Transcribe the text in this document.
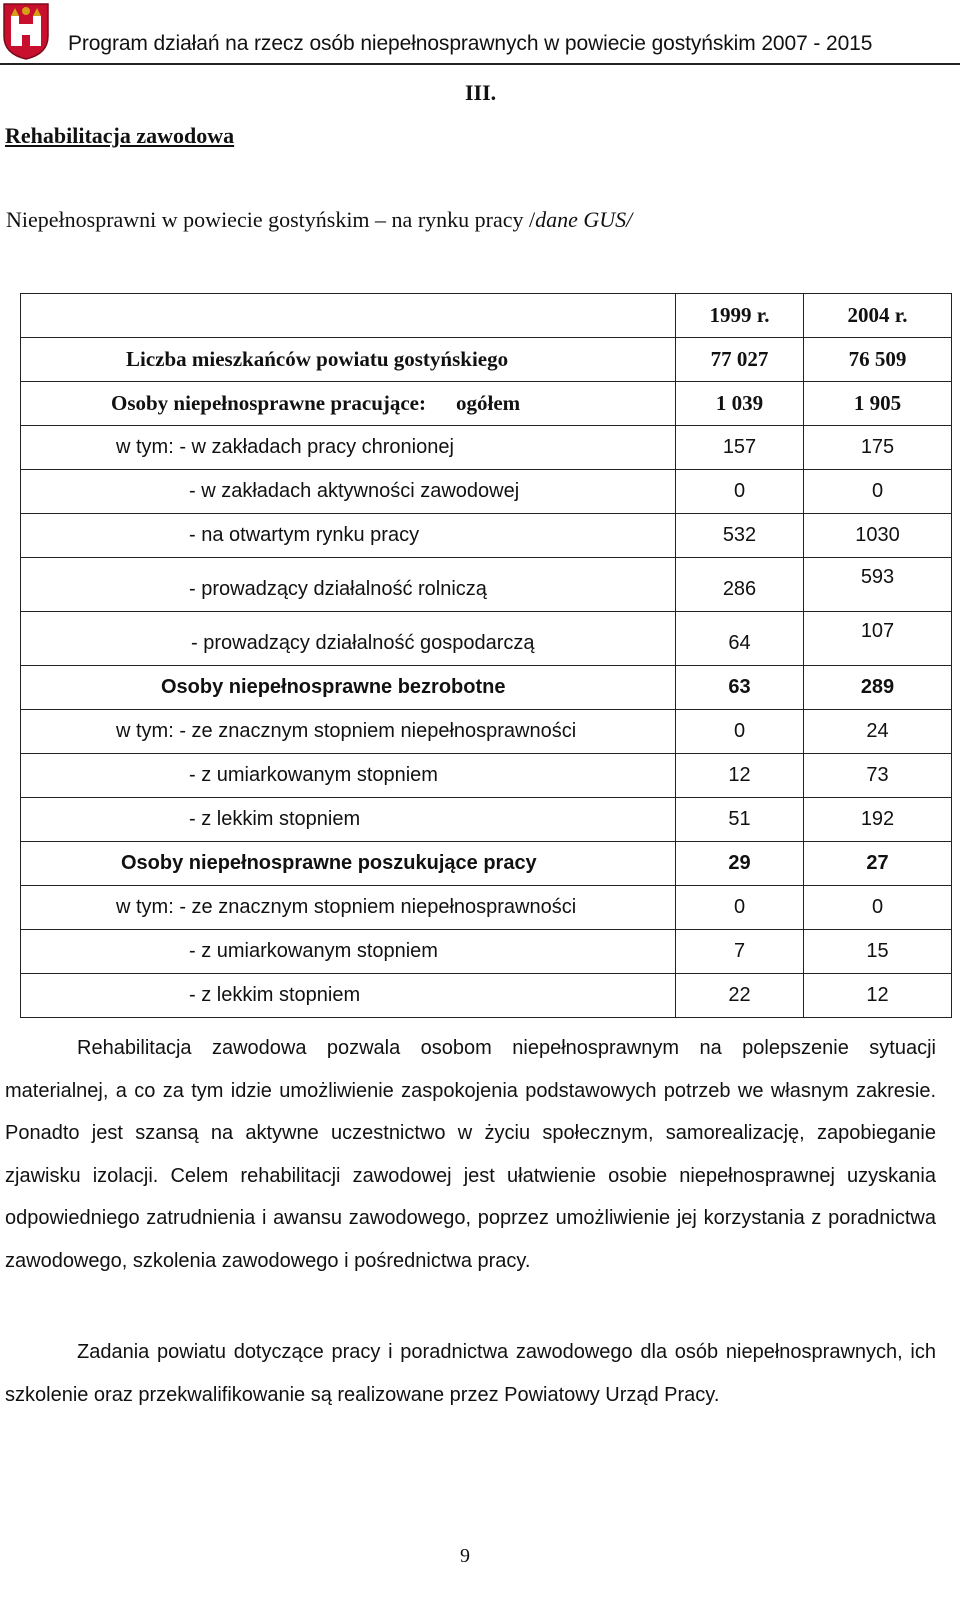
Program działań na rzecz osób niepełnosprawnych w powiecie gostyńskim 2007 - 2015
III.
Rehabilitacja zawodowa
Niepełnosprawni w powiecie gostyńskim – na rynku pracy /dane GUS/
	1999 r.	2004 r.
Liczba mieszkańców powiatu gostyńskiego	77 027	76 509
Osoby niepełnosprawne pracujące: ogółem	1 039	1 905
w tym: - w zakładach pracy chronionej	157	175
- w zakładach aktywności zawodowej	0	0
- na otwartym rynku pracy	532	1030
- prowadzący działalność rolniczą	286	593
- prowadzący działalność gospodarczą	64	107
Osoby niepełnosprawne bezrobotne	63	289
w tym: - ze znacznym stopniem niepełnosprawności	0	24
- z umiarkowanym stopniem	12	73
- z lekkim stopniem	51	192
Osoby niepełnosprawne poszukujące pracy	29	27
w tym: - ze znacznym stopniem niepełnosprawności	0	0
- z umiarkowanym stopniem	7	15
- z lekkim stopniem	22	12

Rehabilitacja zawodowa pozwala osobom niepełnosprawnym na polepszenie sytuacji materialnej, a co za tym idzie umożliwienie zaspokojenia podstawowych potrzeb we własnym zakresie. Ponadto jest szansą na aktywne uczestnictwo w życiu społecznym, samorealizację, zapobieganie zjawisku izolacji. Celem rehabilitacji zawodowej jest ułatwienie osobie niepełnosprawnej uzyskania odpowiedniego zatrudnienia i awansu zawodowego, poprzez umożliwienie jej korzystania z poradnictwa zawodowego, szkolenia zawodowego i pośrednictwa pracy.

Zadania powiatu dotyczące pracy i poradnictwa zawodowego dla osób niepełnosprawnych, ich szkolenie oraz przekwalifikowanie są realizowane przez Powiatowy Urząd Pracy.

9
